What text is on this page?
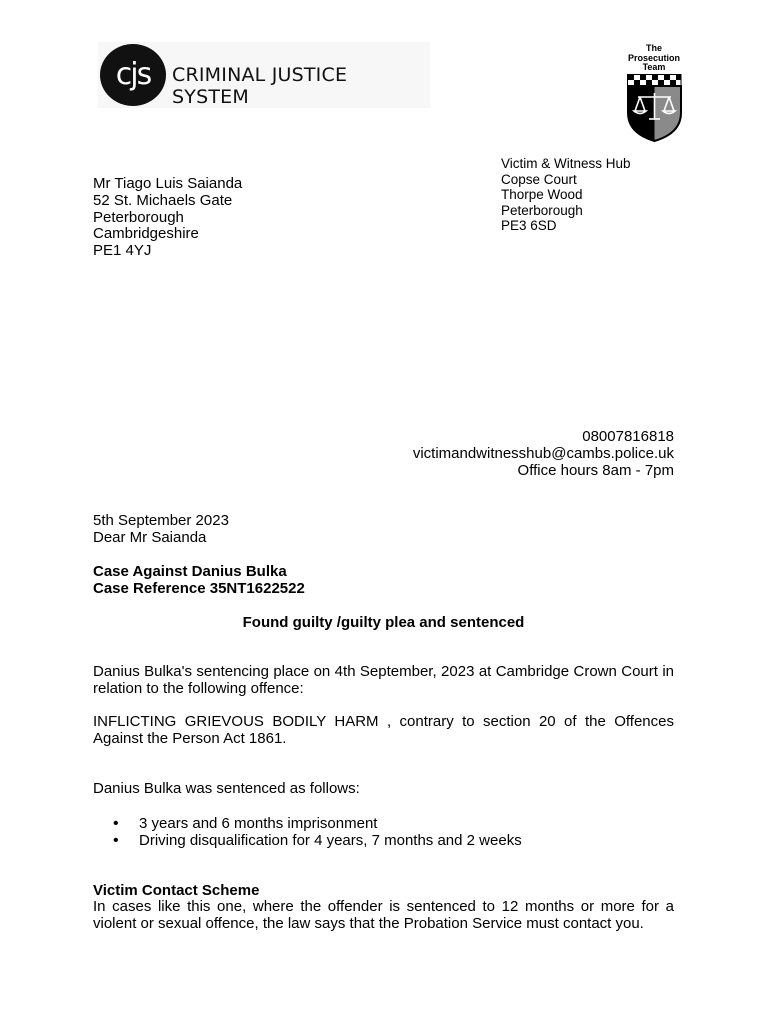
cjs	CRIMINAL JUSTICE SYSTEM
The Prosecution Team
Victim & Witness Hub
Copse Court
Thorpe Wood
Peterborough
PE3 6SD
Mr Tiago Luis Saianda
52 St. Michaels Gate
Peterborough
Cambridgeshire
PE1 4YJ
08007816818
victimandwitnesshub@cambs.police.uk
Office hours 8am - 7pm
5th September 2023
Dear Mr Saianda
Case Against Danius Bulka
Case Reference 35NT1622522
Found guilty /guilty plea and sentenced
Danius Bulka's sentencing place on 4th September, 2023 at Cambridge Crown Court in relation to the following offence:
INFLICTING GRIEVOUS BODILY HARM , contrary to section 20 of the Offences Against the Person Act 1861.
Danius Bulka was sentenced as follows:
• 3 years and 6 months imprisonment
• Driving disqualification for 4 years, 7 months and 2 weeks
Victim Contact Scheme
In cases like this one, where the offender is sentenced to 12 months or more for a violent or sexual offence, the law says that the Probation Service must contact you.
